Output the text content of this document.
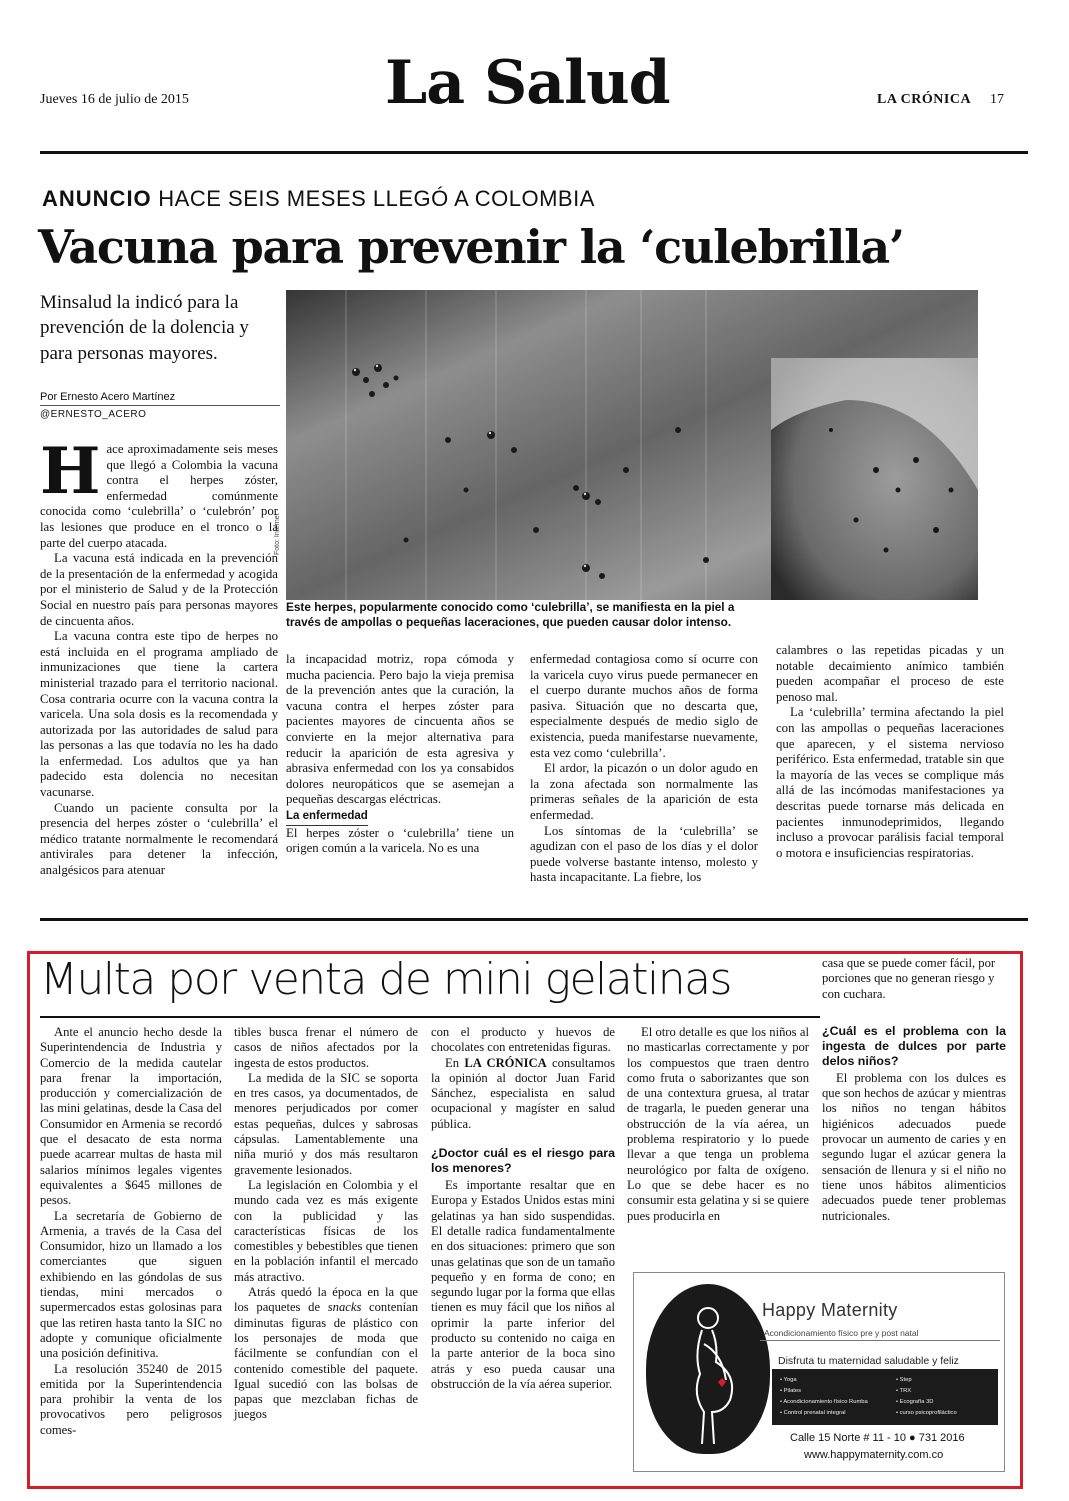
Jueves 16 de julio de 2015	La Salud	LA CRÓNICA 17
ANUNCIO HACE SEIS MESES LLEGÓ A COLOMBIA
Vacuna para prevenir la ‘culebrilla’
Minsalud la indicó para la prevención de la dolencia y para personas mayores.
Por Ernesto Acero Martínez
@ERNESTO_ACERO
Foto: Internet
Este herpes, popularmente conocido como ‘culebrilla’, se manifiesta en la piel a través de ampollas o pequeñas laceraciones, que pueden causar dolor intenso.

Hace aproximadamente seis meses que llegó a Colombia la vacuna contra el herpes zóster, enfermedad comúnmente conocida como ‘culebrilla’ o ‘culebrón’ por las lesiones que produce en el tronco o la parte del cuerpo atacada.

La vacuna está indicada en la prevención de la presentación de la enfermedad y acogida por el ministerio de Salud y de la Protección Social en nuestro país para personas mayores de cincuenta años.

La vacuna contra este tipo de herpes no está incluida en el programa ampliado de inmunizaciones que tiene la cartera ministerial trazado para el territorio nacional. Cosa contraria ocurre con la vacuna contra la varicela. Una sola dosis es la recomendada y autorizada por las autoridades de salud para las personas a las que todavía no les ha dado la enfermedad. Los adultos que ya han padecido esta dolencia no necesitan vacunarse.

Cuando un paciente consulta por la presencia del herpes zóster o ‘culebrilla’ el médico tratante normalmente le recomendará antivirales para detener la infección, analgésicos para atenuar

la incapacidad motriz, ropa cómoda y mucha paciencia. Pero bajo la vieja premisa de la prevención antes que la curación, la vacuna contra el herpes zóster para pacientes mayores de cincuenta años se convierte en la mejor alternativa para reducir la aparición de esta agresiva y abrasiva enfermedad con los ya consabidos dolores neuropáticos que se asemejan a pequeñas descargas eléctricas.

La enfermedad

El herpes zóster o ‘culebrilla’ tiene un origen común a la varicela. No es una

enfermedad contagiosa como sí ocurre con la varicela cuyo virus puede permanecer en el cuerpo durante muchos años de forma pasiva. Situación que no descarta que, especialmente después de medio siglo de existencia, pueda manifestarse nuevamente, esta vez como ‘culebrilla’.

El ardor, la picazón o un dolor agudo en la zona afectada son normalmente las primeras señales de la aparición de esta enfermedad.

Los síntomas de la ‘culebrilla’ se agudizan con el paso de los días y el dolor puede volverse bastante intenso, molesto y hasta incapacitante. La fiebre, los

calambres o las repetidas picadas y un notable decaimiento anímico también pueden acompañar el proceso de este penoso mal.

La ‘culebrilla’ termina afectando la piel con las ampollas o pequeñas laceraciones que aparecen, y el sistema nervioso periférico. Esta enfermedad, tratable sin que la mayoría de las veces se complique más allá de las incómodas manifestaciones ya descritas puede tornarse más delicada en pacientes inmunodeprimidos, llegando incluso a provocar parálisis facial temporal o motora e insuficiencias respiratorias.

Multa por venta de mini gelatinas

Ante el anuncio hecho desde la Superintendencia de Industria y Comercio de la medida cautelar para frenar la importación, producción y comercialización de las mini gelatinas, desde la Casa del Consumidor en Armenia se recordó que el desacato de esta norma puede acarrear multas de hasta mil salarios mínimos legales vigentes equivalentes a $645 millones de pesos.

La secretaría de Gobierno de Armenia, a través de la Casa del Consumidor, hizo un llamado a los comerciantes que siguen exhibiendo en las góndolas de sus tiendas, mini mercados o supermercados estas golosinas para que las retiren hasta tanto la SIC no adopte y comunique oficialmente una posición definitiva.

La resolución 35240 de 2015 emitida por la Superintendencia para prohibir la venta de los provocativos pero peligrosos comes-

tibles busca frenar el número de casos de niños afectados por la ingesta de estos productos.

La medida de la SIC se soporta en tres casos, ya documentados, de menores perjudicados por comer estas pequeñas, dulces y sabrosas cápsulas. Lamentablemente una niña murió y dos más resultaron gravemente lesionados.

La legislación en Colombia y el mundo cada vez es más exigente con la publicidad y las características físicas de los comestibles y bebestibles que tienen en la población infantil el mercado más atractivo.

Atrás quedó la época en la que los paquetes de snacks contenían diminutas figuras de plástico con los personajes de moda que fácilmente se confundían con el contenido comestible del paquete. Igual sucedió con las bolsas de papas que mezclaban fichas de juegos

con el producto y huevos de chocolates con entretenidas figuras.

En LA CRÓNICA consultamos la opinión al doctor Juan Farid Sánchez, especialista en salud ocupacional y magíster en salud pública.

¿Doctor cuál es el riesgo para los menores?

Es importante resaltar que en Europa y Estados Unidos estas mini gelatinas ya han sido suspendidas. El detalle radica fundamentalmente en dos situaciones: primero que son unas gelatinas que son de un tamaño pequeño y en forma de cono; en segundo lugar por la forma que ellas tienen es muy fácil que los niños al oprimir la parte inferior del producto su contenido no caiga en la parte anterior de la boca sino atrás y eso pueda causar una obstrucción de la vía aérea superior.

El otro detalle es que los niños al no masticarlas correctamente y por los compuestos que traen dentro como fruta o saborizantes que son de una contextura gruesa, al tratar de tragarla, le pueden generar una obstrucción de la vía aérea, un problema respiratorio y lo puede llevar a que tenga un problema neurológico por falta de oxígeno. Lo que se debe hacer es no consumir esta gelatina y si se quiere pues producirla en

casa que se puede comer fácil, por porciones que no generan riesgo y con cuchara.

¿Cuál es el problema con la ingesta de dulces por parte delos niños?

El problema con los dulces es que son hechos de azúcar y mientras los niños no tengan hábitos higiénicos adecuados puede provocar un aumento de caries y en segundo lugar el azúcar genera la sensación de llenura y si el niño no tiene unos hábitos alimenticios adecuados puede tener problemas nutricionales.

Happy Maternity
Acondicionamiento físico pre y post natal
Disfruta tu maternidad saludable y feliz
• Yoga
• Pilates
• Acondicionamiento físico Rumba
• Control prenatal integral
• Step
• TRX
• Ecografía 3D
• curso psicoprofiláctico
Calle 15 Norte # 11 - 10 ● 731 2016
www.happymaternity.com.co
